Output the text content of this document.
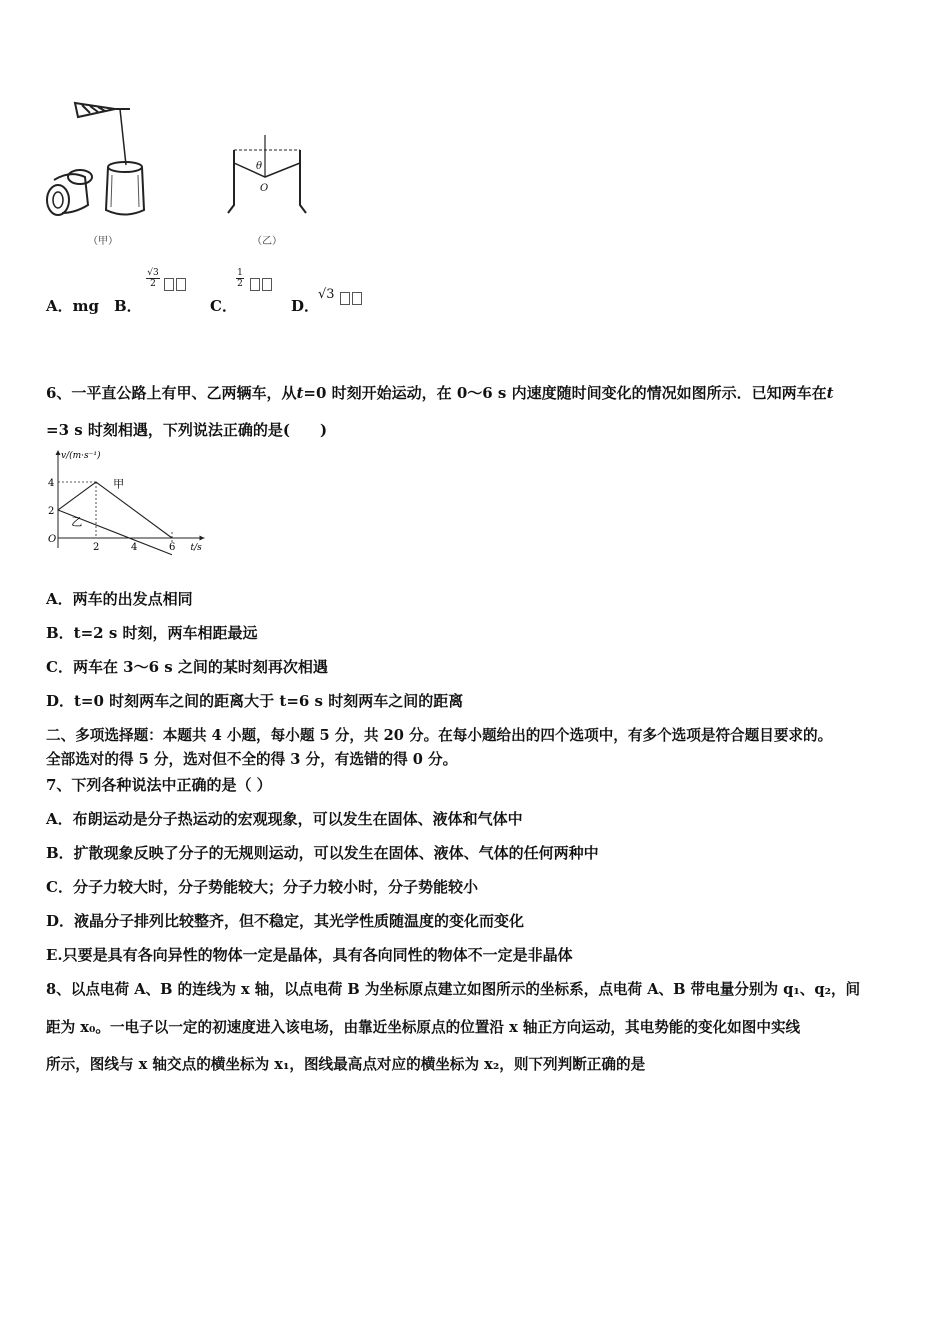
（甲）
θ
O
（乙）
A．mg B．
$\frac{√3}{2}$
C．
$\frac{1}{2}$
D．
√3
6、一平直公路上有甲、乙两辆车，从t=0 时刻开始运动，在 0～6 s 内速度随时间变化的情况如图所示．已知两车在t
=3 s 时刻相遇，下列说法正确的是(　　)
v/(m·s⁻¹)
t/s
O
2	4	6
2
4	甲
乙
A．两车的出发点相同
B．t=2 s 时刻，两车相距最远
C．两车在 3～6 s 之间的某时刻再次相遇
D．t=0 时刻两车之间的距离大于 t=6 s 时刻两车之间的距离
二、多项选择题：本题共 4 小题，每小题 5 分，共 20 分。在每小题给出的四个选项中，有多个选项是符合题目要求的。
全部选对的得 5 分，选对但不全的得 3 分，有选错的得 0 分。
7、下列各种说法中正确的是（ ）
A．布朗运动是分子热运动的宏观现象，可以发生在固体、液体和气体中
B．扩散现象反映了分子的无规则运动，可以发生在固体、液体、气体的任何两种中
C．分子力较大时，分子势能较大；分子力较小时，分子势能较小
D．液晶分子排列比较整齐，但不稳定，其光学性质随温度的变化而变化
E.只要是具有各向异性的物体一定是晶体，具有各向同性的物体不一定是非晶体
8、以点电荷 A、B 的连线为 x 轴，以点电荷 B 为坐标原点建立如图所示的坐标系，点电荷 A、B 带电量分别为 q₁、q₂，间
距为 x₀。一电子以一定的初速度进入该电场，由靠近坐标原点的位置沿 x 轴正方向运动，其电势能的变化如图中实线
所示，图线与 x 轴交点的横坐标为 x₁，图线最高点对应的横坐标为 x₂，则下列判断正确的是
